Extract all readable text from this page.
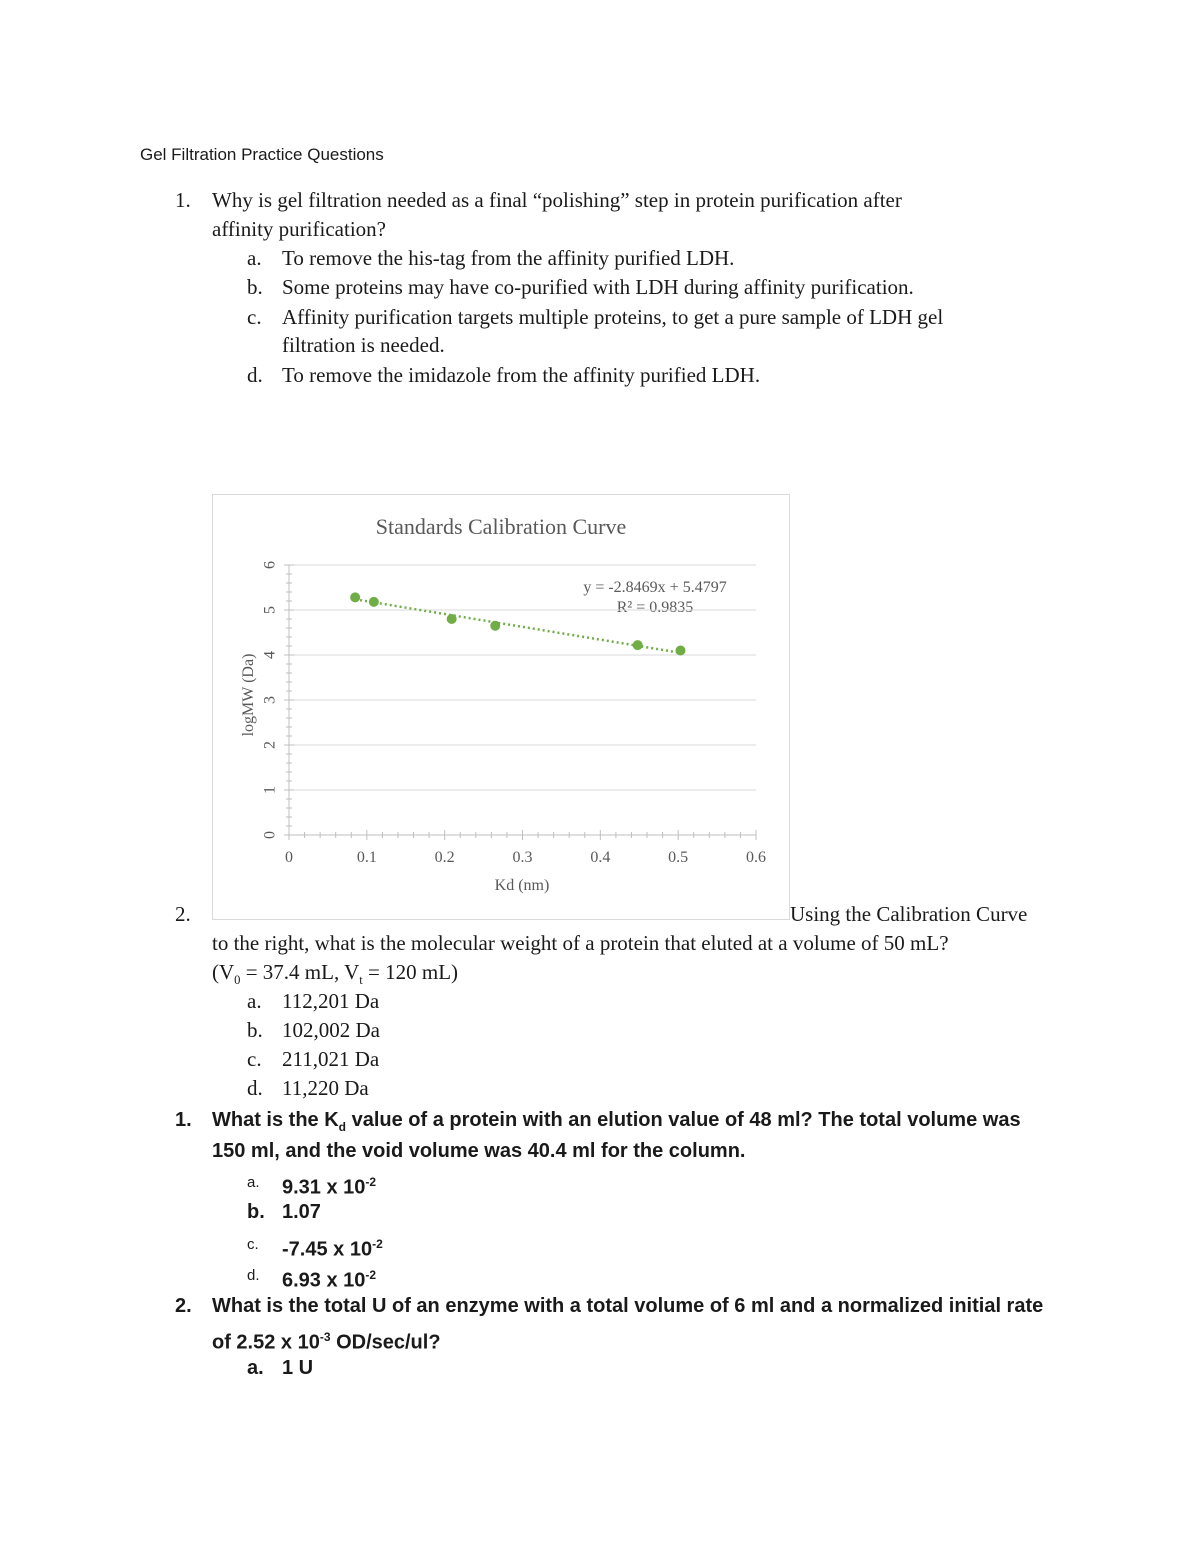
Gel Filtration Practice Questions
1. Why is gel filtration needed as a final “polishing” step in protein purification after
affinity purification?
a. To remove the his-tag from the affinity purified LDH.
b. Some proteins may have co-purified with LDH during affinity purification.
c. Affinity purification targets multiple proteins, to get a pure sample of LDH gel
filtration is needed.
d. To remove the imidazole from the affinity purified LDH.
Standards Calibration Curve
logMW (Da)
Kd (nm)
y = -2.8469x + 5.4797
R² = 0.9835
0	0.1	0.2	0.3	0.4	0.5	0.6
0
1
2
3
4
5
6
2.	Using the Calibration Curve
to the right, what is the molecular weight of a protein that eluted at a volume of 50 mL?
($V_0 = 37.4$ mL, $V_t = 120$ mL)
a. 112,201 Da
b. 102,002 Da
c. 211,021 Da
d. 11,220 Da
1. What is the $K_d$ value of a protein with an elution value of 48 ml? The total volume was
150 ml, and the void volume was 40.4 ml for the column.
a. 9.31 x $10^{-2}$
b. 1.07
c. -7.45 x $10^{-2}$
d. 6.93 x $10^{-2}$
2. What is the total U of an enzyme with a total volume of 6 ml and a normalized initial rate
of 2.52 x $10^{-3}$ OD/sec/ul?
a. 1 U
